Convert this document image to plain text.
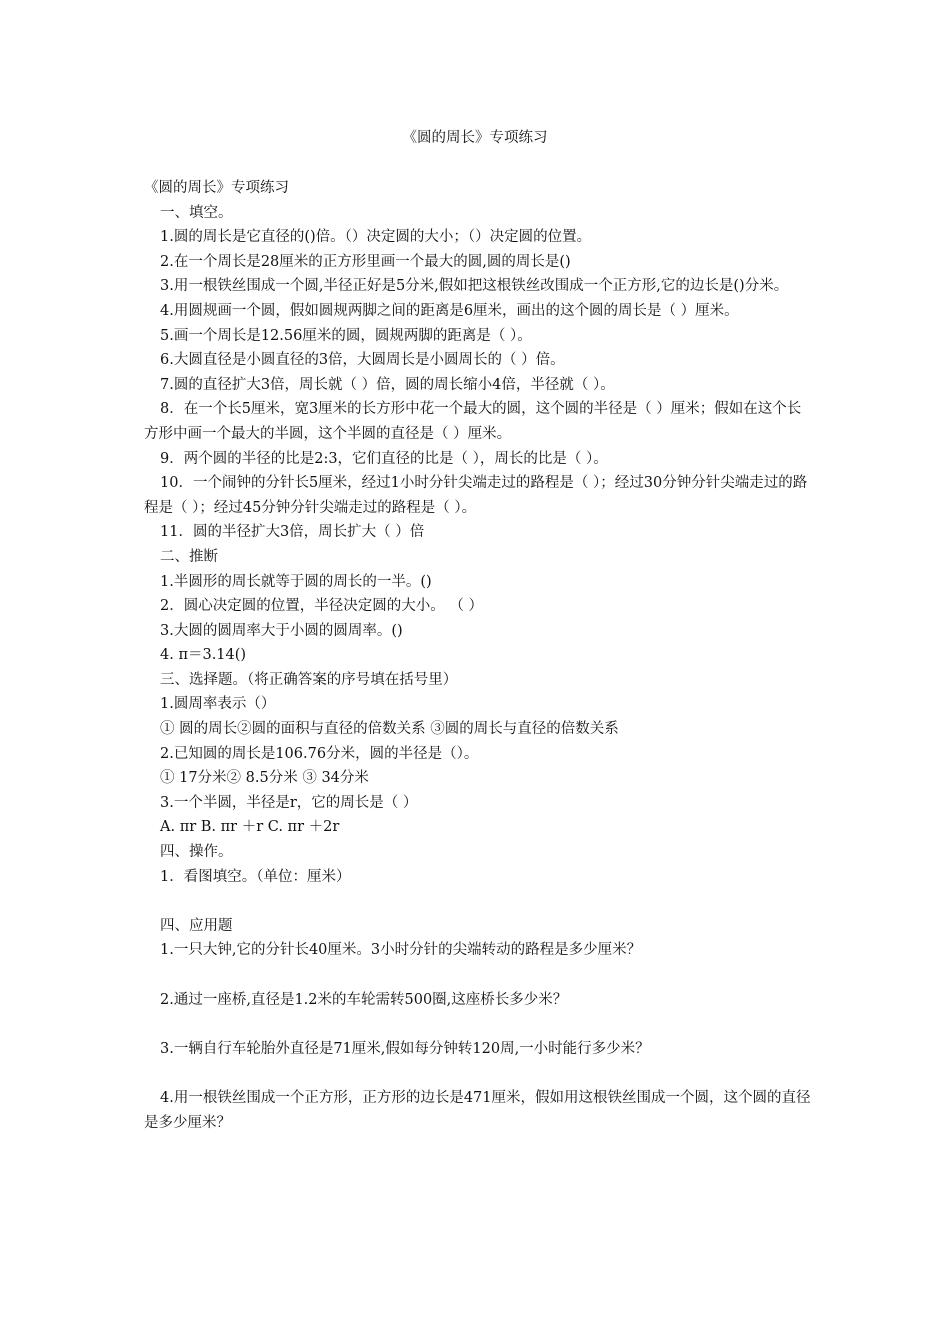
《圆的周长》专项练习
《圆的周长》专项练习
一、填空。
1.圆的周长是它直径的()倍。（）决定圆的大小；（）决定圆的位置。
2.在一个周长是28厘米的正方形里画一个最大的圆,圆的周长是()
3.用一根铁丝围成一个圆,半径正好是5分米,假如把这根铁丝改围成一个正方形,它的边长是()分米。
4.用圆规画一个圆，假如圆规两脚之间的距离是6厘米，画出的这个圆的周长是（ ）厘米。
5.画一个周长是12.56厘米的圆，圆规两脚的距离是（ ）。
6.大圆直径是小圆直径的3倍，大圆周长是小圆周长的（ ）倍。
7.圆的直径扩大3倍，周长就（ ）倍，圆的周长缩小4倍，半径就（ ）。
8．在一个长5厘米，宽3厘米的长方形中花一个最大的圆，这个圆的半径是（ ）厘米；假如在这个长方形中画一个最大的半圆，这个半圆的直径是（ ）厘米。
9．两个圆的半径的比是2:3，它们直径的比是（ ），周长的比是（ ）。
10．一个闹钟的分针长5厘米，经过1小时分针尖端走过的路程是（ ）；经过30分钟分针尖端走过的路程是（ ）；经过45分钟分针尖端走过的路程是（ ）。
11．圆的半径扩大3倍，周长扩大（ ）倍
二、推断
1.半圆形的周长就等于圆的周长的一半。()
2．圆心决定圆的位置，半径决定圆的大小。 （ ）
3.大圆的圆周率大于小圆的圆周率。()
4. π＝3.14()
三、选择题。（将正确答案的序号填在括号里）
1.圆周率表示（）
① 圆的周长②圆的面积与直径的倍数关系 ③圆的周长与直径的倍数关系
2.已知圆的周长是106.76分米，圆的半径是（）。
① 17分米② 8.5分米 ③ 34分米
3.一个半圆，半径是r，它的周长是（ ）
A. πr B. πr ＋r C. πr ＋2r
四、操作。
1．看图填空。（单位：厘米）
四、应用题
1.一只大钟,它的分针长40厘米。3小时分针的尖端转动的路程是多少厘米？
2.通过一座桥,直径是1.2米的车轮需转500圈,这座桥长多少米？
3.一辆自行车轮胎外直径是71厘米,假如每分钟转120周,一小时能行多少米？
4.用一根铁丝围成一个正方形，正方形的边长是471厘米，假如用这根铁丝围成一个圆，这个圆的直径是多少厘米？
